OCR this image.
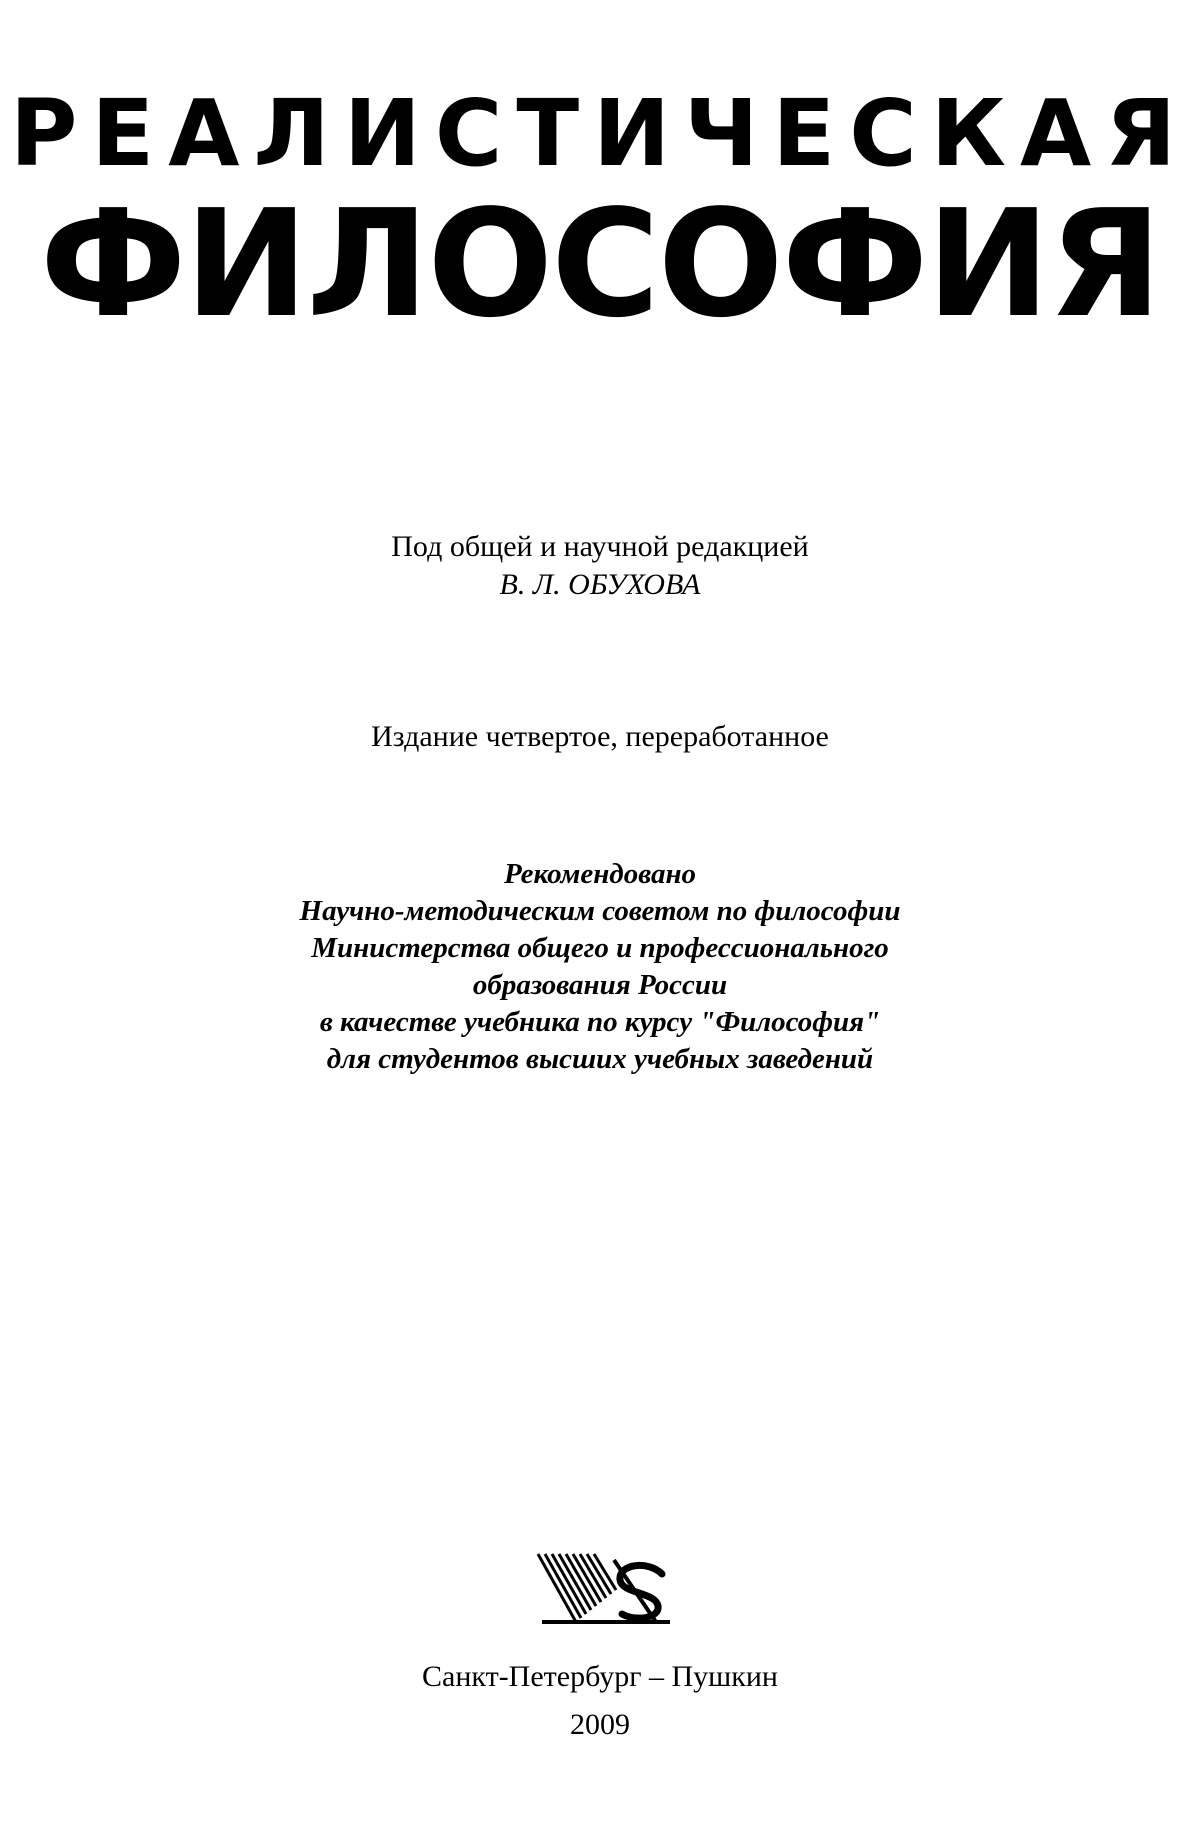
РЕАЛИСТИЧЕСКАЯ
ФИЛОСОФИЯ
Под общей и научной редакцией
В. Л. ОБУХОВА
Издание четвертое, переработанное
Рекомендовано
Научно-методическим советом по философии
Министерства общего и профессионального
образования России
в качестве учебника по курсу "Философия"
для студентов высших учебных заведений
Санкт-Петербург – Пушкин
2009
